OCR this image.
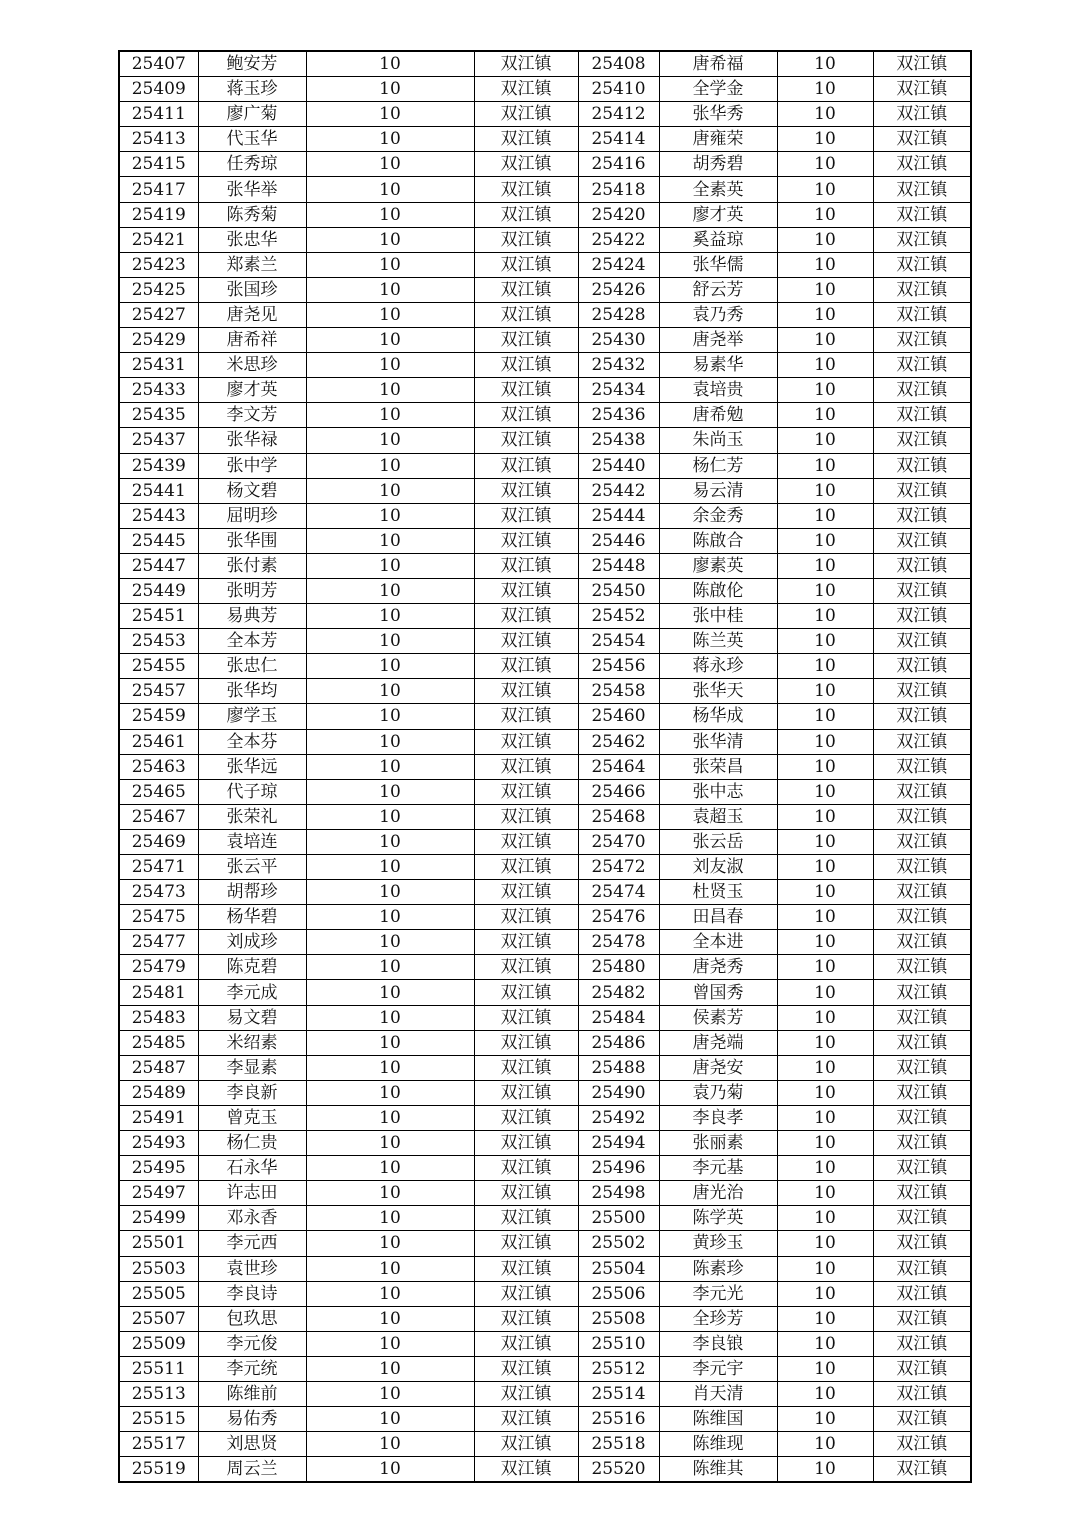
25407	鲍安芳	10	双江镇	25408	唐希福	10	双江镇
25409	蒋玉珍	10	双江镇	25410	全学金	10	双江镇
25411	廖广菊	10	双江镇	25412	张华秀	10	双江镇
25413	代玉华	10	双江镇	25414	唐雍荣	10	双江镇
25415	任秀琼	10	双江镇	25416	胡秀碧	10	双江镇
25417	张华举	10	双江镇	25418	全素英	10	双江镇
25419	陈秀菊	10	双江镇	25420	廖才英	10	双江镇
25421	张忠华	10	双江镇	25422	奚益琼	10	双江镇
25423	郑素兰	10	双江镇	25424	张华儒	10	双江镇
25425	张国珍	10	双江镇	25426	舒云芳	10	双江镇
25427	唐尧见	10	双江镇	25428	袁乃秀	10	双江镇
25429	唐希祥	10	双江镇	25430	唐尧举	10	双江镇
25431	米思珍	10	双江镇	25432	易素华	10	双江镇
25433	廖才英	10	双江镇	25434	袁培贵	10	双江镇
25435	李文芳	10	双江镇	25436	唐希勉	10	双江镇
25437	张华禄	10	双江镇	25438	朱尚玉	10	双江镇
25439	张中学	10	双江镇	25440	杨仁芳	10	双江镇
25441	杨文碧	10	双江镇	25442	易云清	10	双江镇
25443	屈明珍	10	双江镇	25444	余金秀	10	双江镇
25445	张华围	10	双江镇	25446	陈啟合	10	双江镇
25447	张付素	10	双江镇	25448	廖素英	10	双江镇
25449	张明芳	10	双江镇	25450	陈啟伦	10	双江镇
25451	易典芳	10	双江镇	25452	张中桂	10	双江镇
25453	全本芳	10	双江镇	25454	陈兰英	10	双江镇
25455	张忠仁	10	双江镇	25456	蒋永珍	10	双江镇
25457	张华均	10	双江镇	25458	张华天	10	双江镇
25459	廖学玉	10	双江镇	25460	杨华成	10	双江镇
25461	全本芬	10	双江镇	25462	张华清	10	双江镇
25463	张华远	10	双江镇	25464	张荣昌	10	双江镇
25465	代子琼	10	双江镇	25466	张中志	10	双江镇
25467	张荣礼	10	双江镇	25468	袁超玉	10	双江镇
25469	袁培连	10	双江镇	25470	张云岳	10	双江镇
25471	张云平	10	双江镇	25472	刘友淑	10	双江镇
25473	胡帮珍	10	双江镇	25474	杜贤玉	10	双江镇
25475	杨华碧	10	双江镇	25476	田昌春	10	双江镇
25477	刘成珍	10	双江镇	25478	全本进	10	双江镇
25479	陈克碧	10	双江镇	25480	唐尧秀	10	双江镇
25481	李元成	10	双江镇	25482	曾国秀	10	双江镇
25483	易文碧	10	双江镇	25484	侯素芳	10	双江镇
25485	米绍素	10	双江镇	25486	唐尧端	10	双江镇
25487	李显素	10	双江镇	25488	唐尧安	10	双江镇
25489	李良新	10	双江镇	25490	袁乃菊	10	双江镇
25491	曾克玉	10	双江镇	25492	李良孝	10	双江镇
25493	杨仁贵	10	双江镇	25494	张丽素	10	双江镇
25495	石永华	10	双江镇	25496	李元基	10	双江镇
25497	许志田	10	双江镇	25498	唐光治	10	双江镇
25499	邓永香	10	双江镇	25500	陈学英	10	双江镇
25501	李元西	10	双江镇	25502	黄珍玉	10	双江镇
25503	袁世珍	10	双江镇	25504	陈素珍	10	双江镇
25505	李良诗	10	双江镇	25506	李元光	10	双江镇
25507	包玖思	10	双江镇	25508	全珍芳	10	双江镇
25509	李元俊	10	双江镇	25510	李良锒	10	双江镇
25511	李元统	10	双江镇	25512	李元宇	10	双江镇
25513	陈维前	10	双江镇	25514	肖天清	10	双江镇
25515	易佑秀	10	双江镇	25516	陈维国	10	双江镇
25517	刘思贤	10	双江镇	25518	陈维现	10	双江镇
25519	周云兰	10	双江镇	25520	陈维其	10	双江镇
